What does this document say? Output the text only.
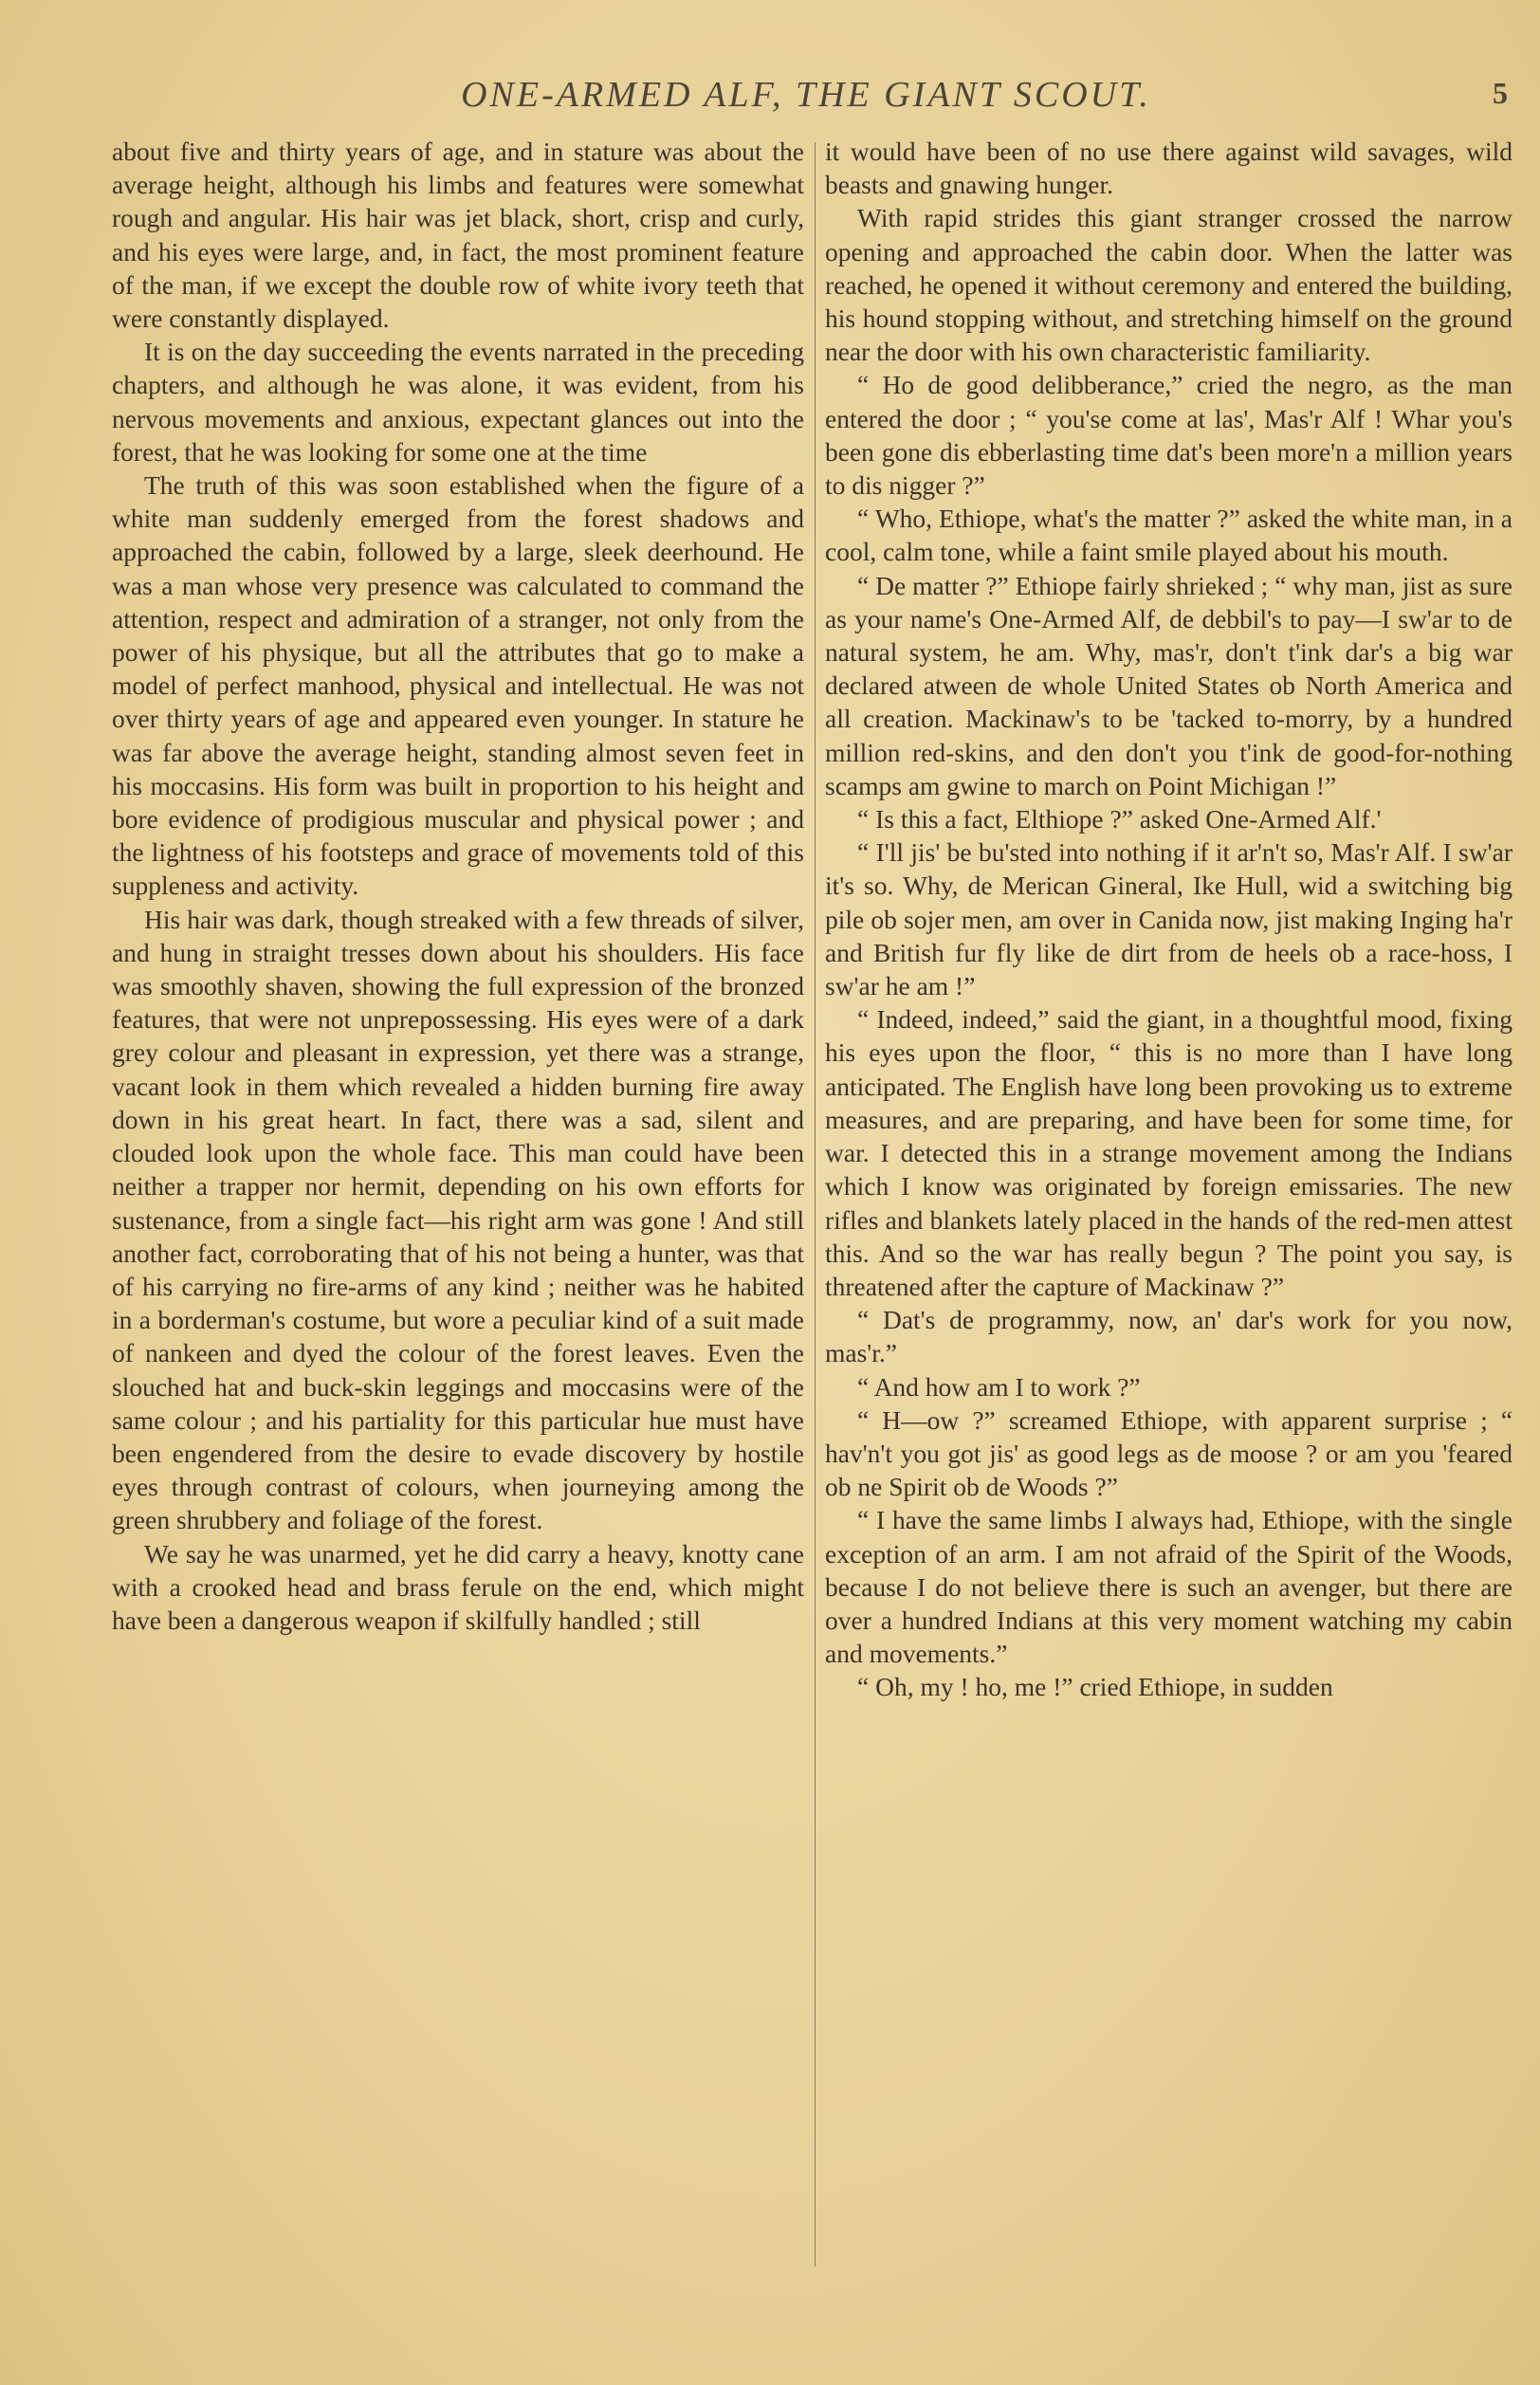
ONE-ARMED ALF, THE GIANT SCOUT.	5

about five and thirty years of age, and in stature was about the average height, although his limbs and features were somewhat rough and angular. His hair was jet black, short, crisp and curly, and his eyes were large, and, in fact, the most prominent feature of the man, if we except the double row of white ivory teeth that were constantly displayed.

It is on the day succeeding the events narrated in the preceding chapters, and although he was alone, it was evident, from his nervous movements and anxious, expectant glances out into the forest, that he was looking for some one at the time

The truth of this was soon established when the figure of a white man suddenly emerged from the forest shadows and approached the cabin, followed by a large, sleek deerhound. He was a man whose very presence was calculated to command the attention, respect and admiration of a stranger, not only from the power of his physique, but all the attributes that go to make a model of perfect manhood, physical and intellectual. He was not over thirty years of age and appeared even younger. In stature he was far above the average height, standing almost seven feet in his moccasins. His form was built in proportion to his height and bore evidence of prodigious muscular and physical power ; and the lightness of his footsteps and grace of movements told of this suppleness and activity.

His hair was dark, though streaked with a few threads of silver, and hung in straight tresses down about his shoulders. His face was smoothly shaven, showing the full expression of the bronzed features, that were not unprepossessing. His eyes were of a dark grey colour and pleasant in expression, yet there was a strange, vacant look in them which revealed a hidden burning fire away down in his great heart. In fact, there was a sad, silent and clouded look upon the whole face. This man could have been neither a trapper nor hermit, depending on his own efforts for sustenance, from a single fact—his right arm was gone ! And still another fact, corroborating that of his not being a hunter, was that of his carrying no fire-arms of any kind ; neither was he habited in a borderman's costume, but wore a peculiar kind of a suit made of nankeen and dyed the colour of the forest leaves. Even the slouched hat and buck-skin leggings and moccasins were of the same colour ; and his partiality for this particular hue must have been engendered from the desire to evade discovery by hostile eyes through contrast of colours, when journeying among the green shrubbery and foliage of the forest.

We say he was unarmed, yet he did carry a heavy, knotty cane with a crooked head and brass ferule on the end, which might have been a dangerous weapon if skilfully handled ; still

it would have been of no use there against wild savages, wild beasts and gnawing hunger.

With rapid strides this giant stranger crossed the narrow opening and approached the cabin door. When the latter was reached, he opened it without ceremony and entered the building, his hound stopping without, and stretching himself on the ground near the door with his own characteristic familiarity.

“ Ho de good delibberance,” cried the negro, as the man entered the door ; “ you'se come at las', Mas'r Alf ! Whar you's been gone dis ebberlasting time dat's been more'n a million years to dis nigger ?”

“ Who, Ethiope, what's the matter ?” asked the white man, in a cool, calm tone, while a faint smile played about his mouth.

“ De matter ?” Ethiope fairly shrieked ; “ why man, jist as sure as your name's One-Armed Alf, de debbil's to pay—I sw'ar to de natural system, he am. Why, mas'r, don't t'ink dar's a big war declared atween de whole United States ob North America and all creation. Mackinaw's to be 'tacked to-morry, by a hundred million red-skins, and den don't you t'ink de good-for-nothing scamps am gwine to march on Point Michigan !”

“ Is this a fact, Elthiope ?” asked One-Armed Alf.'

“ I'll jis' be bu'sted into nothing if it ar'n't so, Mas'r Alf. I sw'ar it's so. Why, de Merican Gineral, Ike Hull, wid a switching big pile ob sojer men, am over in Canida now, jist making Inging ha'r and British fur fly like de dirt from de heels ob a race-hoss, I sw'ar he am !”

“ Indeed, indeed,” said the giant, in a thoughtful mood, fixing his eyes upon the floor, “ this is no more than I have long anticipated. The English have long been provoking us to extreme measures, and are preparing, and have been for some time, for war. I detected this in a strange movement among the Indians which I know was originated by foreign emissaries. The new rifles and blankets lately placed in the hands of the red-men attest this. And so the war has really begun ? The point you say, is threatened after the capture of Mackinaw ?”

“ Dat's de programmy, now, an' dar's work for you now, mas'r.”

“ And how am I to work ?”

“ H—ow ?” screamed Ethiope, with apparent surprise ; “ hav'n't you got jis' as good legs as de moose ? or am you 'feared ob ne Spirit ob de Woods ?”

“ I have the same limbs I always had, Ethiope, with the single exception of an arm. I am not afraid of the Spirit of the Woods, because I do not believe there is such an avenger, but there are over a hundred Indians at this very moment watching my cabin and movements.”

“ Oh, my ! ho, me !” cried Ethiope, in sudden
